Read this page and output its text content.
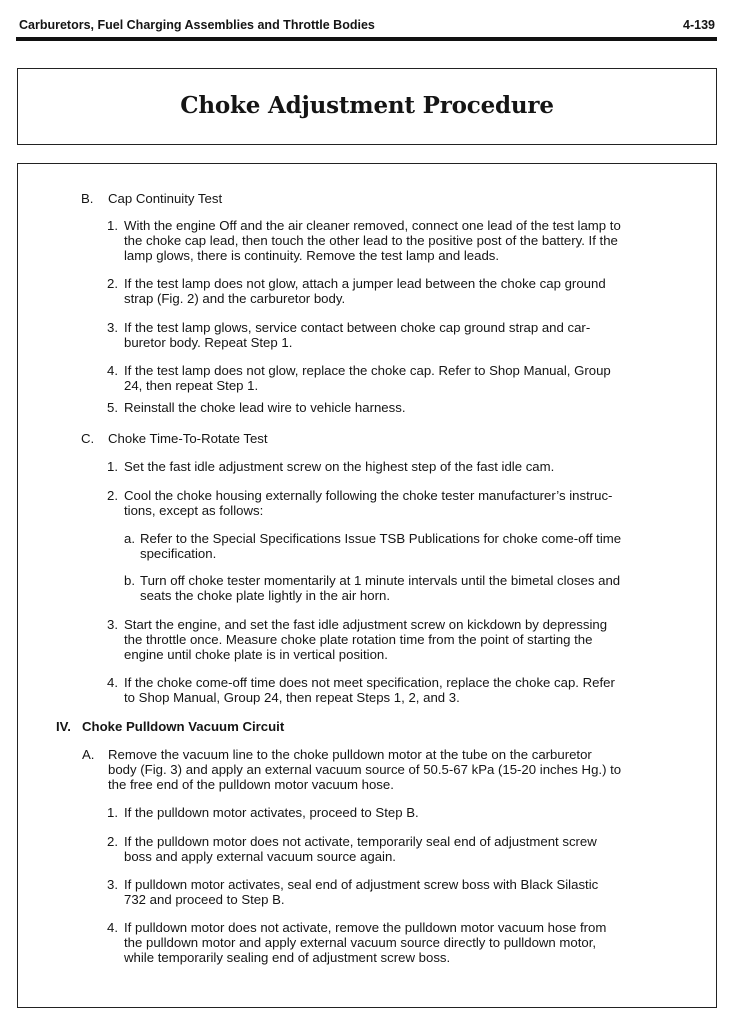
Carburetors, Fuel Charging Assemblies and Throttle Bodies	4-139
Choke Adjustment Procedure
B. Cap Continuity Test
1. With the engine Off and the air cleaner removed, connect one lead of the test lamp to
the choke cap lead, then touch the other lead to the positive post of the battery. If the
lamp glows, there is continuity. Remove the test lamp and leads.
2. If the test lamp does not glow, attach a jumper lead between the choke cap ground
strap (Fig. 2) and the carburetor body.
3. If the test lamp glows, service contact between choke cap ground strap and car-
buretor body. Repeat Step 1.
4. If the test lamp does not glow, replace the choke cap. Refer to Shop Manual, Group
24, then repeat Step 1.
5. Reinstall the choke lead wire to vehicle harness.
C. Choke Time-To-Rotate Test
1. Set the fast idle adjustment screw on the highest step of the fast idle cam.
2. Cool the choke housing externally following the choke tester manufacturer’s instruc-
tions, except as follows:
a. Refer to the Special Specifications Issue TSB Publications for choke come-off time
specification.
b. Turn off choke tester momentarily at 1 minute intervals until the bimetal closes and
seats the choke plate lightly in the air horn.
3. Start the engine, and set the fast idle adjustment screw on kickdown by depressing
the throttle once. Measure choke plate rotation time from the point of starting the
engine until choke plate is in vertical position.
4. If the choke come-off time does not meet specification, replace the choke cap. Refer
to Shop Manual, Group 24, then repeat Steps 1, 2, and 3.
IV. Choke Pulldown Vacuum Circuit
A. Remove the vacuum line to the choke pulldown motor at the tube on the carburetor
body (Fig. 3) and apply an external vacuum source of 50.5-67 kPa (15-20 inches Hg.) to
the free end of the pulldown motor vacuum hose.
1. If the pulldown motor activates, proceed to Step B.
2. If the pulldown motor does not activate, temporarily seal end of adjustment screw
boss and apply external vacuum source again.
3. If pulldown motor activates, seal end of adjustment screw boss with Black Silastic
732 and proceed to Step B.
4. If pulldown motor does not activate, remove the pulldown motor vacuum hose from
the pulldown motor and apply external vacuum source directly to pulldown motor,
while temporarily sealing end of adjustment screw boss.
